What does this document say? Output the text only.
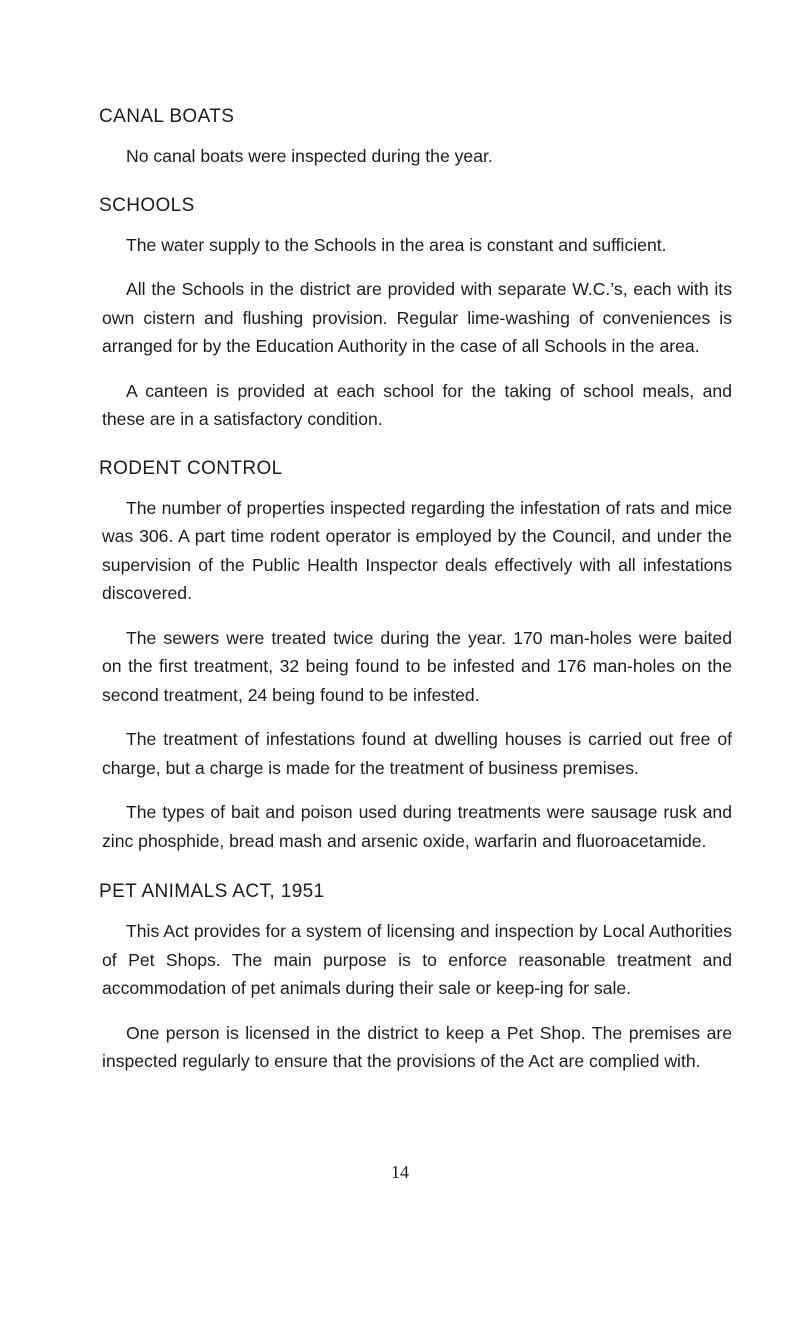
CANAL BOATS

No canal boats were inspected during the year.

SCHOOLS

The water supply to the Schools in the area is constant and sufficient.

All the Schools in the district are provided with separate W.C.’s, each with its own cistern and flushing provision. Regular lime-washing of conveniences is arranged for by the Education Authority in the case of all Schools in the area.

A canteen is provided at each school for the taking of school meals, and these are in a satisfactory condition.

RODENT CONTROL

The number of properties inspected regarding the infestation of rats and mice was 306. A part time rodent operator is employed by the Council, and under the supervision of the Public Health Inspector deals effectively with all infestations discovered.

The sewers were treated twice during the year. 170 man-holes were baited on the first treatment, 32 being found to be infested and 176 man-holes on the second treatment, 24 being found to be infested.

The treatment of infestations found at dwelling houses is carried out free of charge, but a charge is made for the treatment of business premises.

The types of bait and poison used during treatments were sausage rusk and zinc phosphide, bread mash and arsenic oxide, warfarin and fluoroacetamide.

PET ANIMALS ACT, 1951

This Act provides for a system of licensing and inspection by Local Authorities of Pet Shops. The main purpose is to enforce reasonable treatment and accommodation of pet animals during their sale or keep-ing for sale.

One person is licensed in the district to keep a Pet Shop. The premises are inspected regularly to ensure that the provisions of the Act are complied with.

14
